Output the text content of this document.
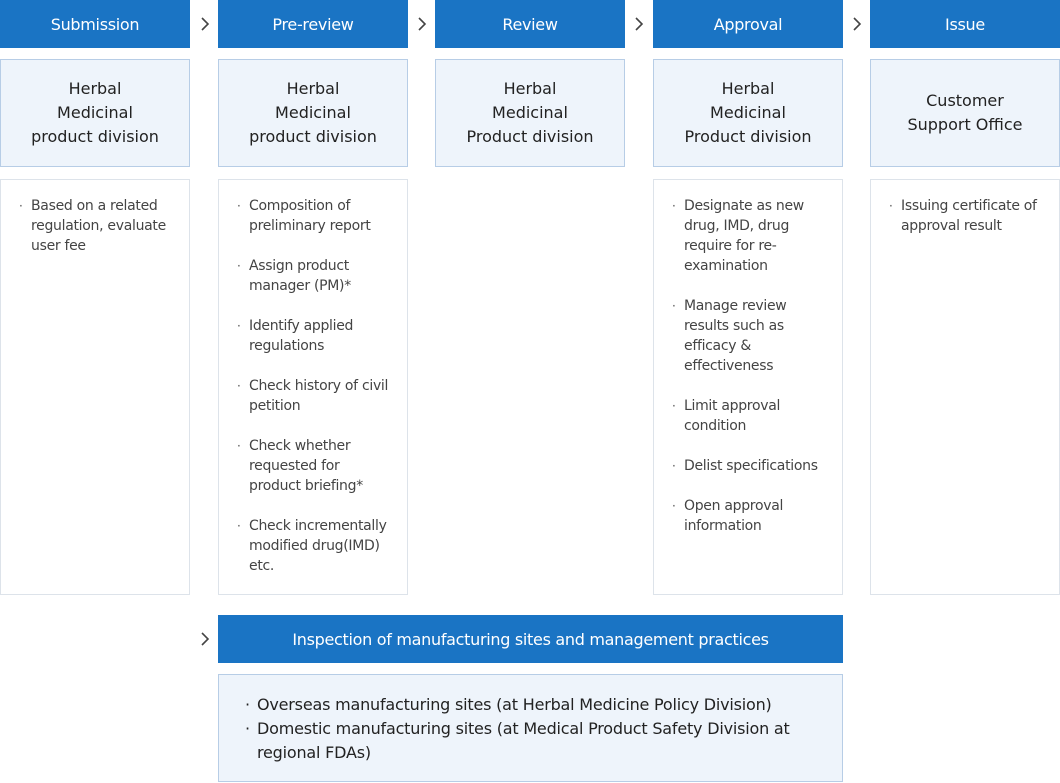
Submission	Pre-review	Review	Approval	Issue
Herbal
Medicinal
product division
Herbal
Medicinal
product division
Herbal
Medicinal
Product division
Herbal
Medicinal
Product division
Customer
Support Office
· Based on a related regulation, evaluate user fee
· Composition of preliminary report
· Assign product manager (PM)*
· Identify applied regulations
· Check history of civil petition
· Check whether requested for product briefing*
· Check incrementally modified drug(IMD) etc.
· Designate as new drug, IMD, drug require for re-examination
· Manage review results such as efficacy & effectiveness
· Limit approval condition
· Delist specifications
· Open approval information
· Issuing certificate of approval result
Inspection of manufacturing sites and management practices
· Overseas manufacturing sites (at Herbal Medicine Policy Division)
· Domestic manufacturing sites (at Medical Product Safety Division at regional FDAs)
